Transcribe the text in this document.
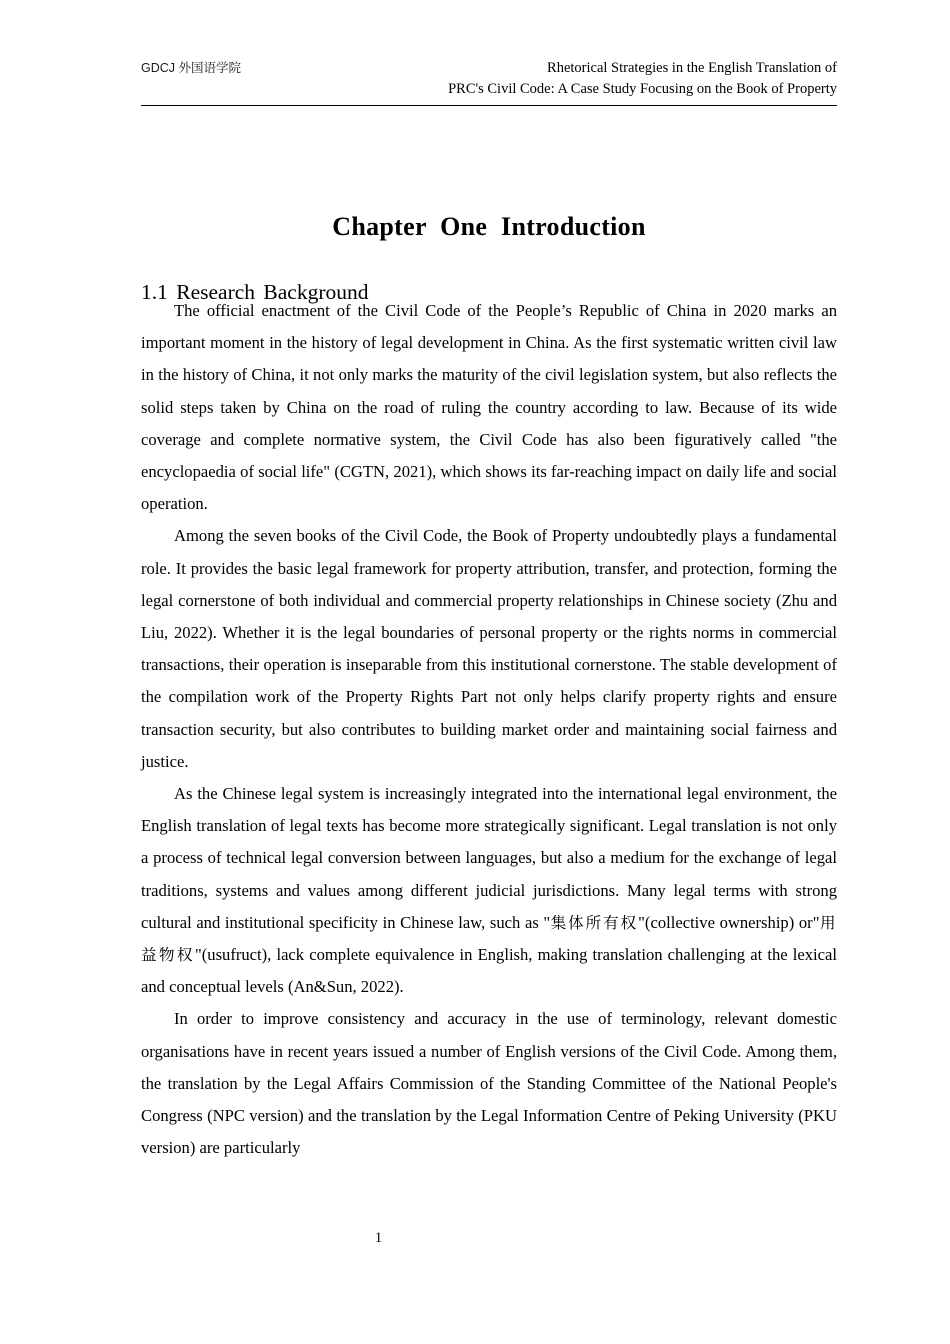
GDCJ 外国语学院	Rhetorical Strategies in the English Translation of
PRC's Civil Code: A Case Study Focusing on the Book of Property
Chapter One Introduction
1.1 Research Background

The official enactment of the Civil Code of the People’s Republic of China in 2020 marks an important moment in the history of legal development in China. As the first systematic written civil law in the history of China, it not only marks the maturity of the civil legislation system, but also reflects the solid steps taken by China on the road of ruling the country according to law. Because of its wide coverage and complete normative system, the Civil Code has also been figuratively called "the encyclopaedia of social life" (CGTN, 2021), which shows its far-reaching impact on daily life and social operation.

Among the seven books of the Civil Code, the Book of Property undoubtedly plays a fundamental role. It provides the basic legal framework for property attribution, transfer, and protection, forming the legal cornerstone of both individual and commercial property relationships in Chinese society (Zhu and Liu, 2022). Whether it is the legal boundaries of personal property or the rights norms in commercial transactions, their operation is inseparable from this institutional cornerstone. The stable development of the compilation work of the Property Rights Part not only helps clarify property rights and ensure transaction security, but also contributes to building market order and maintaining social fairness and justice.

As the Chinese legal system is increasingly integrated into the international legal environment, the English translation of legal texts has become more strategically significant. Legal translation is not only a process of technical legal conversion between languages, but also a medium for the exchange of legal traditions, systems and values among different judicial jurisdictions. Many legal terms with strong cultural and institutional specificity in Chinese law, such as "集体所有权"(collective ownership) or"用益物权"(usufruct), lack complete equivalence in English, making translation challenging at the lexical and conceptual levels (An&Sun, 2022).

In order to improve consistency and accuracy in the use of terminology, relevant domestic organisations have in recent years issued a number of English versions of the Civil Code. Among them, the translation by the Legal Affairs Commission of the Standing Committee of the National People's Congress (NPC version) and the translation by the Legal Information Centre of Peking University (PKU version) are particularly

1
